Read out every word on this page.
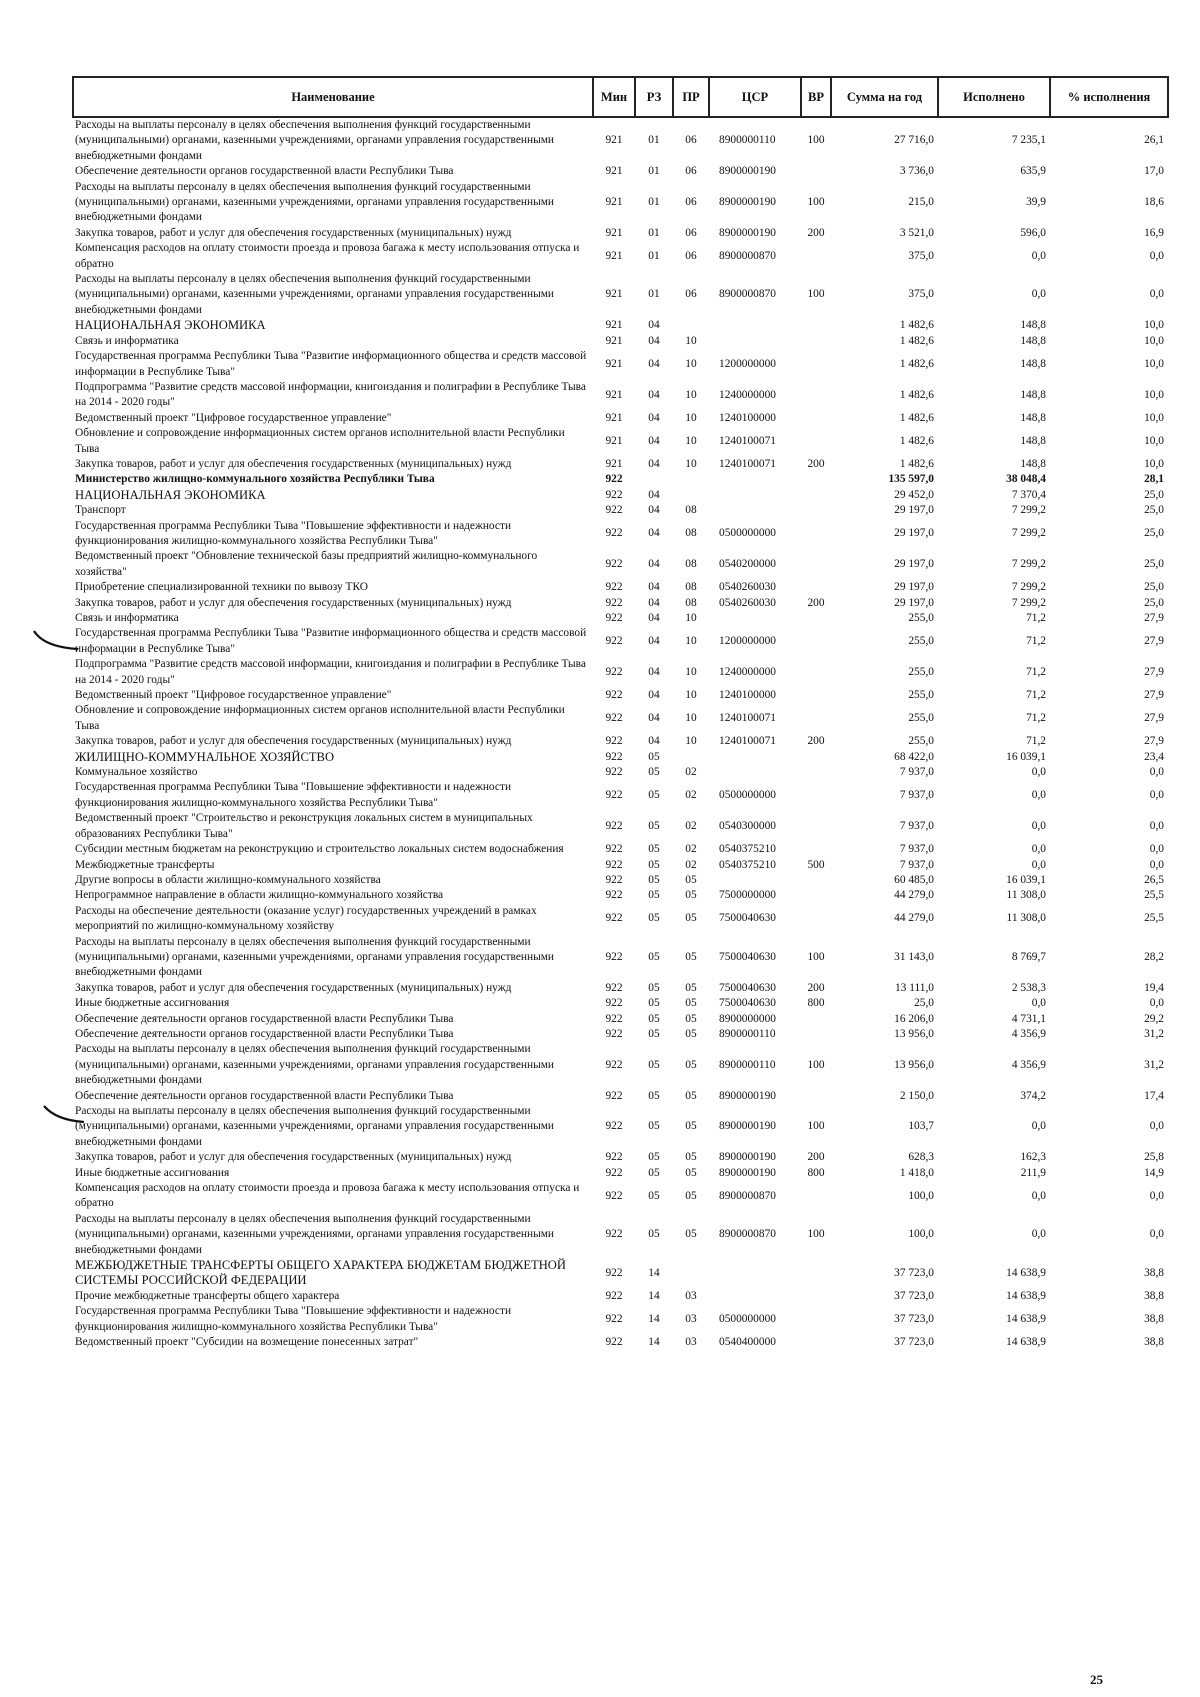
Наименование	Мин	РЗ	ПР	ЦСР	ВР	Сумма на год	Исполнено	% исполнения
Расходы на выплаты персоналу в целях обеспечения выполнения функций государственными (муниципальными) органами, казенными учреждениями, органами управления государственными внебюджетными фондами	921	01	06	8900000110	100	27 716,0	7 235,1	26,1
Обеспечение деятельности органов государственной власти Республики Тыва	921	01	06	8900000190		3 736,0	635,9	17,0
Расходы на выплаты персоналу в целях обеспечения выполнения функций государственными (муниципальными) органами, казенными учреждениями, органами управления государственными внебюджетными фондами	921	01	06	8900000190	100	215,0	39,9	18,6
Закупка товаров, работ и услуг для обеспечения государственных (муниципальных) нужд	921	01	06	8900000190	200	3 521,0	596,0	16,9
Компенсация расходов на оплату стоимости проезда и провоза багажа к месту использования отпуска и обратно	921	01	06	8900000870		375,0	0,0	0,0
Расходы на выплаты персоналу в целях обеспечения выполнения функций государственными (муниципальными) органами, казенными учреждениями, органами управления государственными внебюджетными фондами	921	01	06	8900000870	100	375,0	0,0	0,0
НАЦИОНАЛЬНАЯ ЭКОНОМИКА	921	04				1 482,6	148,8	10,0
Связь и информатика	921	04	10			1 482,6	148,8	10,0
Государственная программа Республики Тыва "Развитие информационного общества и средств массовой информации в Республике Тыва"	921	04	10	1200000000		1 482,6	148,8	10,0
Подпрограмма "Развитие средств массовой информации, книгоиздания и полиграфии в Республике Тыва на 2014 - 2020 годы"	921	04	10	1240000000		1 482,6	148,8	10,0
Ведомственный проект "Цифровое государственное управление"	921	04	10	1240100000		1 482,6	148,8	10,0
Обновление и сопровождение информационных систем органов исполнительной власти Республики Тыва	921	04	10	1240100071		1 482,6	148,8	10,0
Закупка товаров, работ и услуг для обеспечения государственных (муниципальных) нужд	921	04	10	1240100071	200	1 482,6	148,8	10,0
Министерство жилищно-коммунального хозяйства Республики Тыва	922					135 597,0	38 048,4	28,1
НАЦИОНАЛЬНАЯ ЭКОНОМИКА	922	04				29 452,0	7 370,4	25,0
Транспорт	922	04	08			29 197,0	7 299,2	25,0
Государственная программа Республики Тыва "Повышение эффективности и надежности функционирования жилищно-коммунального хозяйства Республики Тыва"	922	04	08	0500000000		29 197,0	7 299,2	25,0
Ведомственный проект "Обновление технической базы предприятий жилищно-коммунального хозяйства"	922	04	08	0540200000		29 197,0	7 299,2	25,0
Приобретение специализированной техники по вывозу ТКО	922	04	08	0540260030		29 197,0	7 299,2	25,0
Закупка товаров, работ и услуг для обеспечения государственных (муниципальных) нужд	922	04	08	0540260030	200	29 197,0	7 299,2	25,0
Связь и информатика	922	04	10			255,0	71,2	27,9
Государственная программа Республики Тыва "Развитие информационного общества и средств массовой информации в Республике Тыва"	922	04	10	1200000000		255,0	71,2	27,9
Подпрограмма "Развитие средств массовой информации, книгоиздания и полиграфии в Республике Тыва на 2014 - 2020 годы"	922	04	10	1240000000		255,0	71,2	27,9
Ведомственный проект "Цифровое государственное управление"	922	04	10	1240100000		255,0	71,2	27,9
Обновление и сопровождение информационных систем органов исполнительной власти Республики Тыва	922	04	10	1240100071		255,0	71,2	27,9
Закупка товаров, работ и услуг для обеспечения государственных (муниципальных) нужд	922	04	10	1240100071	200	255,0	71,2	27,9
ЖИЛИЩНО-КОММУНАЛЬНОЕ ХОЗЯЙСТВО	922	05				68 422,0	16 039,1	23,4
Коммунальное хозяйство	922	05	02			7 937,0	0,0	0,0
Государственная программа Республики Тыва "Повышение эффективности и надежности функционирования жилищно-коммунального хозяйства Республики Тыва"	922	05	02	0500000000		7 937,0	0,0	0,0
Ведомственный проект "Строительство и реконструкция локальных систем в муниципальных образованиях Республики Тыва"	922	05	02	0540300000		7 937,0	0,0	0,0
Субсидии местным бюджетам на реконструкцию и строительство локальных систем водоснабжения	922	05	02	0540375210		7 937,0	0,0	0,0
Межбюджетные трансферты	922	05	02	0540375210	500	7 937,0	0,0	0,0
Другие вопросы в области жилищно-коммунального хозяйства	922	05	05			60 485,0	16 039,1	26,5
Непрограммное направление в области жилищно-коммунального хозяйства	922	05	05	7500000000		44 279,0	11 308,0	25,5
Расходы на обеспечение деятельности (оказание услуг) государственных учреждений в рамках мероприятий по жилищно-коммунальному хозяйству	922	05	05	7500040630		44 279,0	11 308,0	25,5
Расходы на выплаты персоналу в целях обеспечения выполнения функций государственными (муниципальными) органами, казенными учреждениями, органами управления государственными внебюджетными фондами	922	05	05	7500040630	100	31 143,0	8 769,7	28,2
Закупка товаров, работ и услуг для обеспечения государственных (муниципальных) нужд	922	05	05	7500040630	200	13 111,0	2 538,3	19,4
Иные бюджетные ассигнования	922	05	05	7500040630	800	25,0	0,0	0,0
Обеспечение деятельности органов государственной власти Республики Тыва	922	05	05	8900000000		16 206,0	4 731,1	29,2
Обеспечение деятельности органов государственной власти Республики Тыва	922	05	05	8900000110		13 956,0	4 356,9	31,2
Расходы на выплаты персоналу в целях обеспечения выполнения функций государственными (муниципальными) органами, казенными учреждениями, органами управления государственными внебюджетными фондами	922	05	05	8900000110	100	13 956,0	4 356,9	31,2
Обеспечение деятельности органов государственной власти Республики Тыва	922	05	05	8900000190		2 150,0	374,2	17,4
Расходы на выплаты персоналу в целях обеспечения выполнения функций государственными (муниципальными) органами, казенными учреждениями, органами управления государственными внебюджетными фондами	922	05	05	8900000190	100	103,7	0,0	0,0
Закупка товаров, работ и услуг для обеспечения государственных (муниципальных) нужд	922	05	05	8900000190	200	628,3	162,3	25,8
Иные бюджетные ассигнования	922	05	05	8900000190	800	1 418,0	211,9	14,9
Компенсация расходов на оплату стоимости проезда и провоза багажа к месту использования отпуска и обратно	922	05	05	8900000870		100,0	0,0	0,0
Расходы на выплаты персоналу в целях обеспечения выполнения функций государственными (муниципальными) органами, казенными учреждениями, органами управления государственными внебюджетными фондами	922	05	05	8900000870	100	100,0	0,0	0,0
МЕЖБЮДЖЕТНЫЕ ТРАНСФЕРТЫ ОБЩЕГО ХАРАКТЕРА БЮДЖЕТАМ БЮДЖЕТНОЙ СИСТЕМЫ РОССИЙСКОЙ ФЕДЕРАЦИИ	922	14				37 723,0	14 638,9	38,8
Прочие межбюджетные трансферты общего характера	922	14	03			37 723,0	14 638,9	38,8
Государственная программа Республики Тыва "Повышение эффективности и надежности функционирования жилищно-коммунального хозяйства Республики Тыва"	922	14	03	0500000000		37 723,0	14 638,9	38,8
Ведомственный проект "Субсидии на возмещение понесенных затрат"	922	14	03	0540400000		37 723,0	14 638,9	38,8
25
